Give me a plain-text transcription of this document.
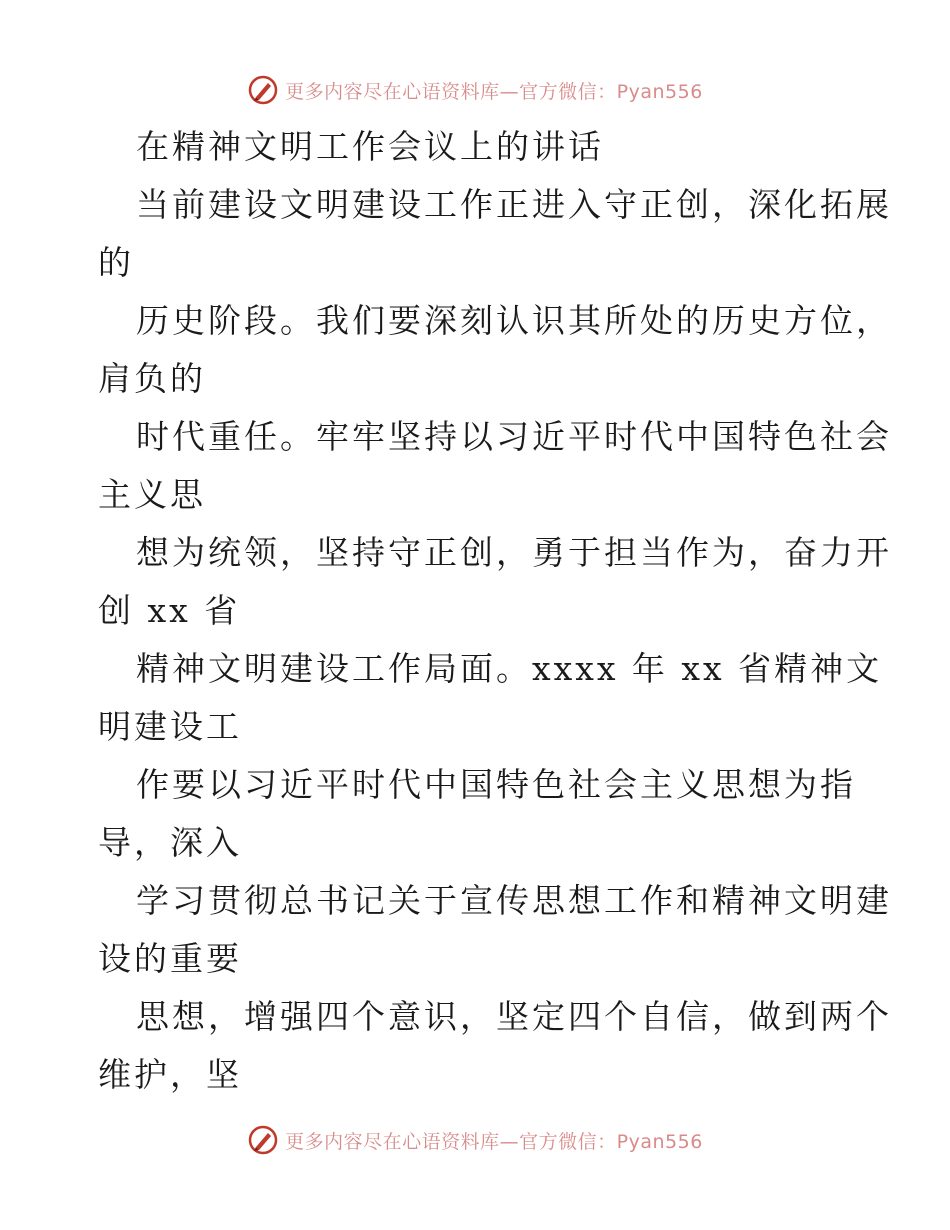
更多内容尽在心语资料库—官方微信：Pyan556
在精神文明工作会议上的讲话
当前建设文明建设工作正进入守正创，深化拓展
的
历史阶段。我们要深刻认识其所处的历史方位，
肩负的
时代重任。牢牢坚持以习近平时代中国特色社会
主义思
想为统领，坚持守正创，勇于担当作为，奋力开
创 xx 省
精神文明建设工作局面。xxxx 年 xx 省精神文
明建设工
作要以习近平时代中国特色社会主义思想为指
导，深入
学习贯彻总书记关于宣传思想工作和精神文明建
设的重要
思想，增强四个意识，坚定四个自信，做到两个
维护，坚
更多内容尽在心语资料库—官方微信：Pyan556
